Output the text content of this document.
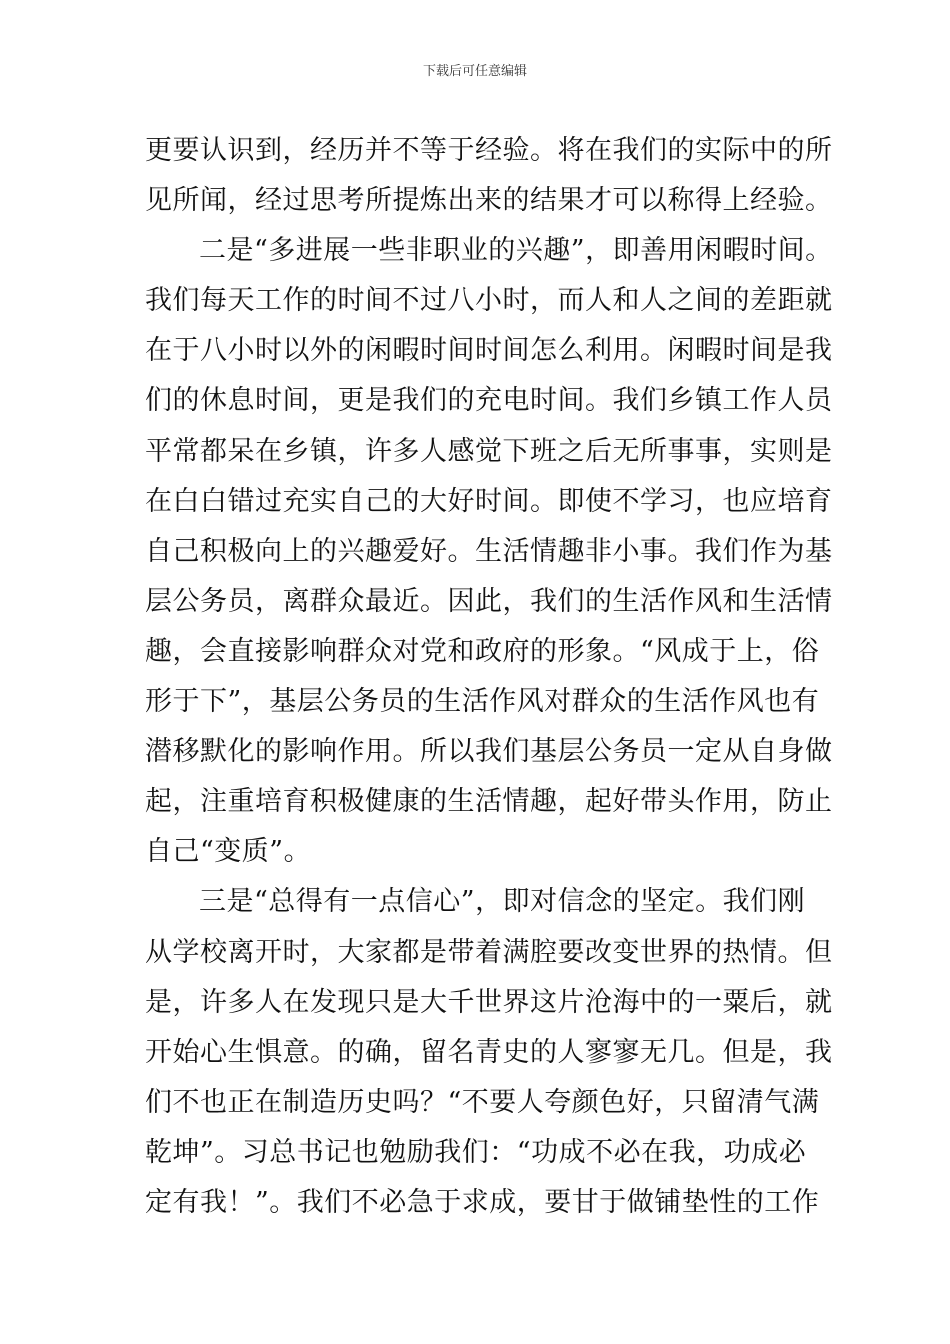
下载后可任意编辑
更要认识到，经历并不等于经验。将在我们的实际中的所
见所闻，经过思考所提炼出来的结果才可以称得上经验。
二是“多进展一些非职业的兴趣”，即善用闲暇时间。
我们每天工作的时间不过八小时，而人和人之间的差距就
在于八小时以外的闲暇时间时间怎么利用。闲暇时间是我
们的休息时间，更是我们的充电时间。我们乡镇工作人员
平常都呆在乡镇，许多人感觉下班之后无所事事，实则是
在白白错过充实自己的大好时间。即使不学习，也应培育
自己积极向上的兴趣爱好。生活情趣非小事。我们作为基
层公务员，离群众最近。因此，我们的生活作风和生活情
趣，会直接影响群众对党和政府的形象。“风成于上，俗
形于下”，基层公务员的生活作风对群众的生活作风也有
潜移默化的影响作用。所以我们基层公务员一定从自身做
起，注重培育积极健康的生活情趣，起好带头作用，防止
自己“变质”。
三是“总得有一点信心”，即对信念的坚定。我们刚
从学校离开时，大家都是带着满腔要改变世界的热情。但
是，许多人在发现只是大千世界这片沧海中的一粟后，就
开始心生惧意。的确，留名青史的人寥寥无几。但是，我
们不也正在制造历史吗？“不要人夸颜色好，只留清气满
乾坤”。习总书记也勉励我们：“功成不必在我，功成必
定有我！”。我们不必急于求成，要甘于做铺垫性的工作
